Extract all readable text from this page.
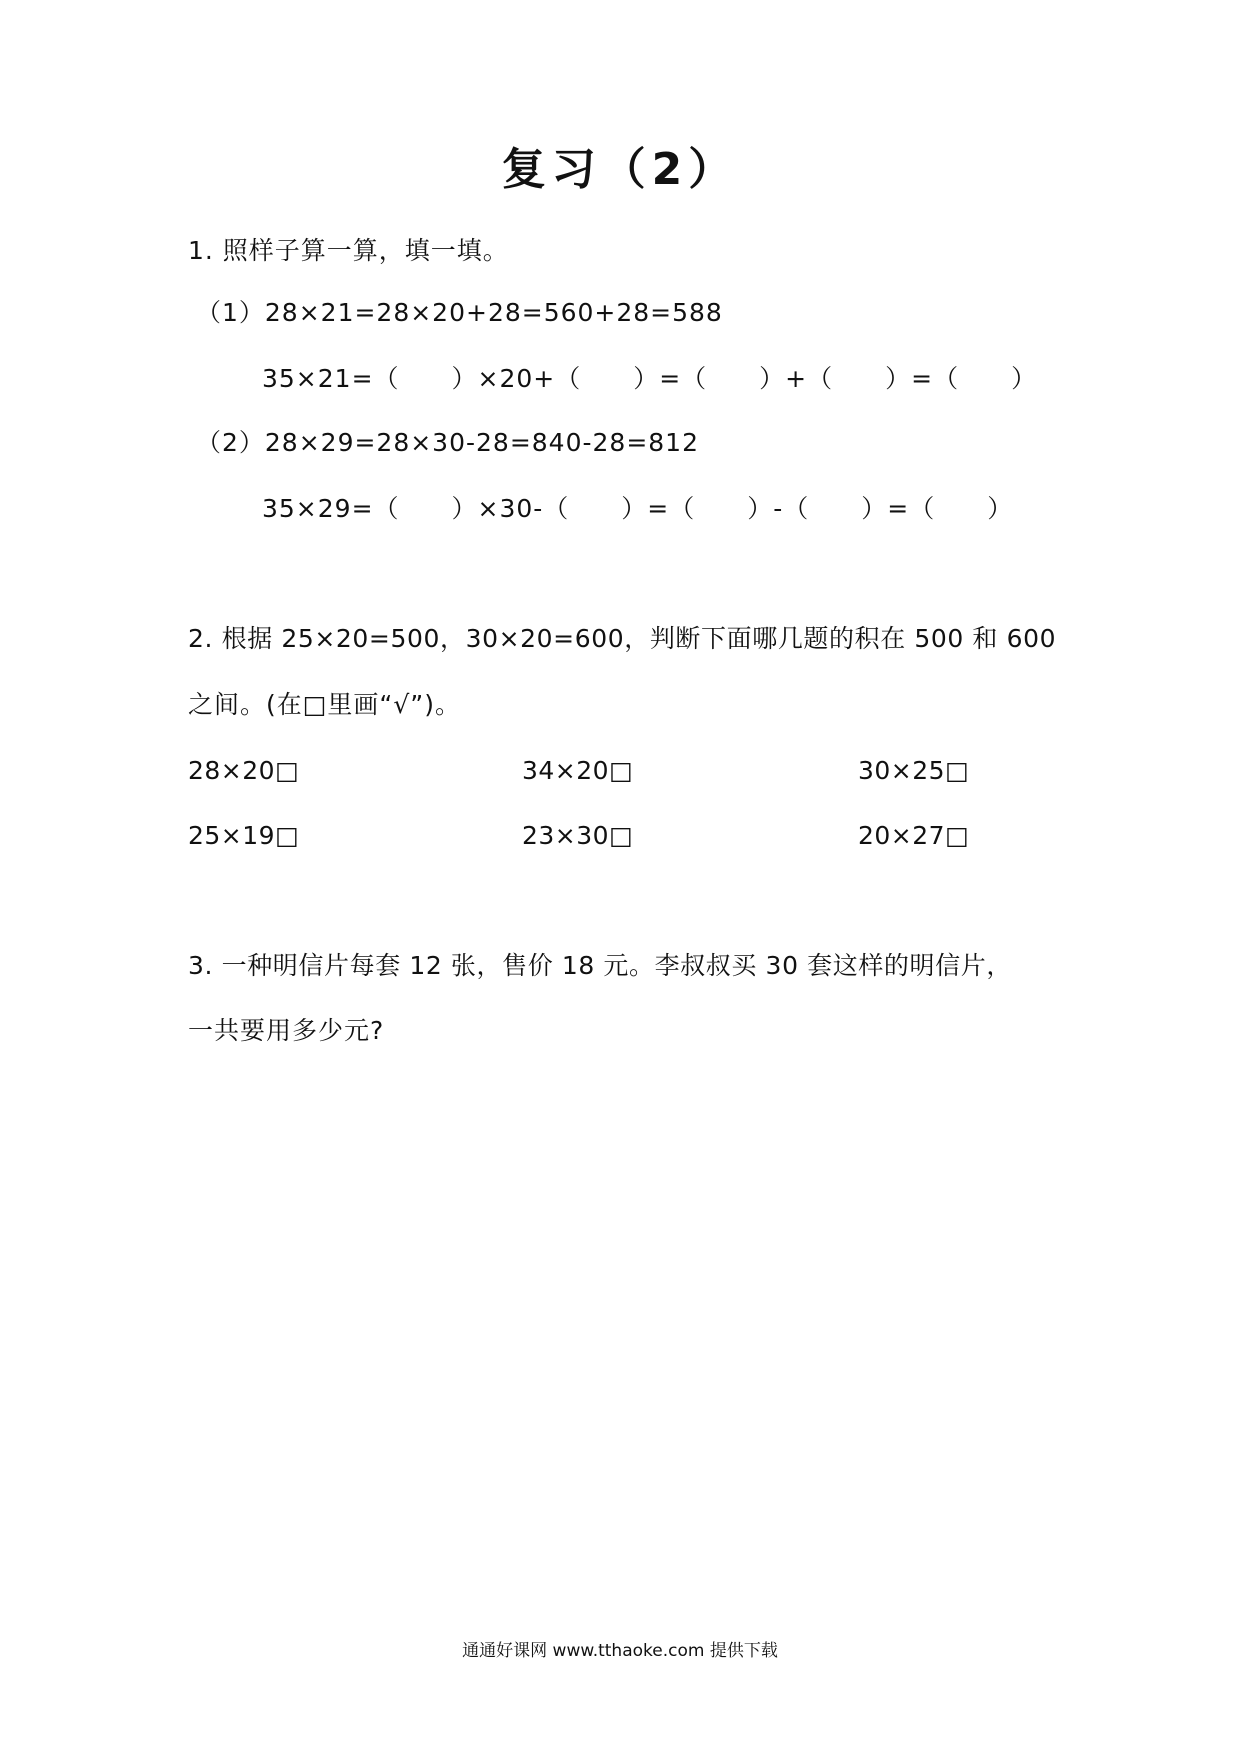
复习（2）
1. 照样子算一算，填一填。
（1）28×21=28×20+28=560+28=588
35×21=（　　）×20+（　　）=（　　）+（　　）=（　　）
（2）28×29=28×30-28=840-28=812
35×29=（　　）×30-（　　）=（　　）-（　　）=（　　）
2. 根据 25×20=500，30×20=600，判断下面哪几题的积在 500 和 600
之间。(在□里画“√”)。
28×20□	34×20□	30×25□
25×19□	23×30□	20×27□
3. 一种明信片每套 12 张，售价 18 元。李叔叔买 30 套这样的明信片，
一共要用多少元?
通通好课网 www.tthaoke.com 提供下载
